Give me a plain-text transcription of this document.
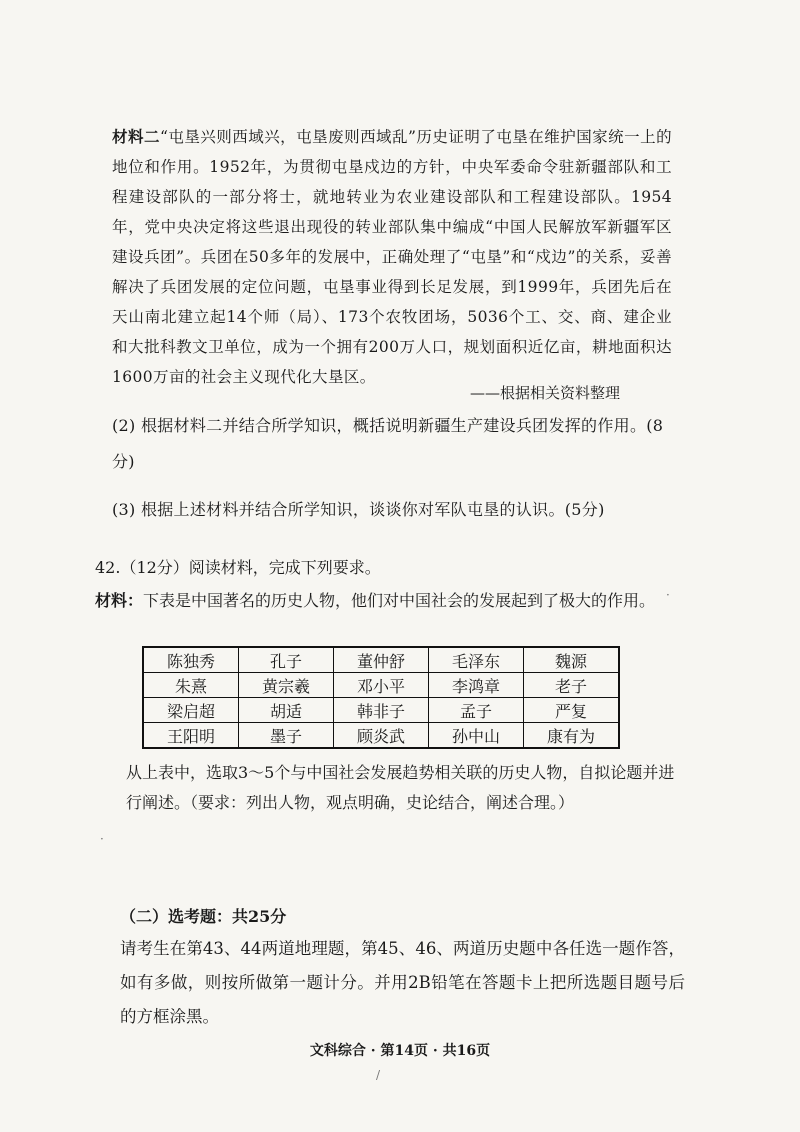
材料二“屯垦兴则西域兴，屯垦废则西域乱”历史证明了屯垦在维护国家统一上的地位和作用。1952年，为贯彻屯垦戍边的方针，中央军委命令驻新疆部队和工程建设部队的一部分将士，就地转业为农业建设部队和工程建设部队。1954年，党中央决定将这些退出现役的转业部队集中编成“中国人民解放军新疆军区建设兵团”。兵团在50多年的发展中，正确处理了“屯垦”和“戍边”的关系，妥善解决了兵团发展的定位问题，屯垦事业得到长足发展，到1999年，兵团先后在天山南北建立起14个师（局）、173个农牧团场，5036个工、交、商、建企业和大批科教文卫单位，成为一个拥有200万人口，规划面积近亿亩，耕地面积达1600万亩的社会主义现代化大垦区。

——根据相关资料整理

(2) 根据材料二并结合所学知识，概括说明新疆生产建设兵团发挥的作用。(8分)

(3) 根据上述材料并结合所学知识，谈谈你对军队屯垦的认识。(5分)

42.（12分）阅读材料，完成下列要求。

材料：下表是中国著名的历史人物，他们对中国社会的发展起到了极大的作用。

陈独秀	孔子	董仲舒	毛泽东	魏源
朱熹	黄宗羲	邓小平	李鸿章	老子
梁启超	胡适	韩非子	孟子	严复
王阳明	墨子	顾炎武	孙中山	康有为

从上表中，选取3～5个与中国社会发展趋势相关联的历史人物，自拟论题并进行阐述。（要求：列出人物，观点明确，史论结合，阐述合理。）

（二）选考题：共25分

请考生在第43、44两道地理题，第45、46、两道历史题中各任选一题作答，如有多做，则按所做第一题计分。并用2B铅笔在答题卡上把所选题目题号后的方框涂黑。

文科综合 · 第14页 · 共16页
·
·
/
